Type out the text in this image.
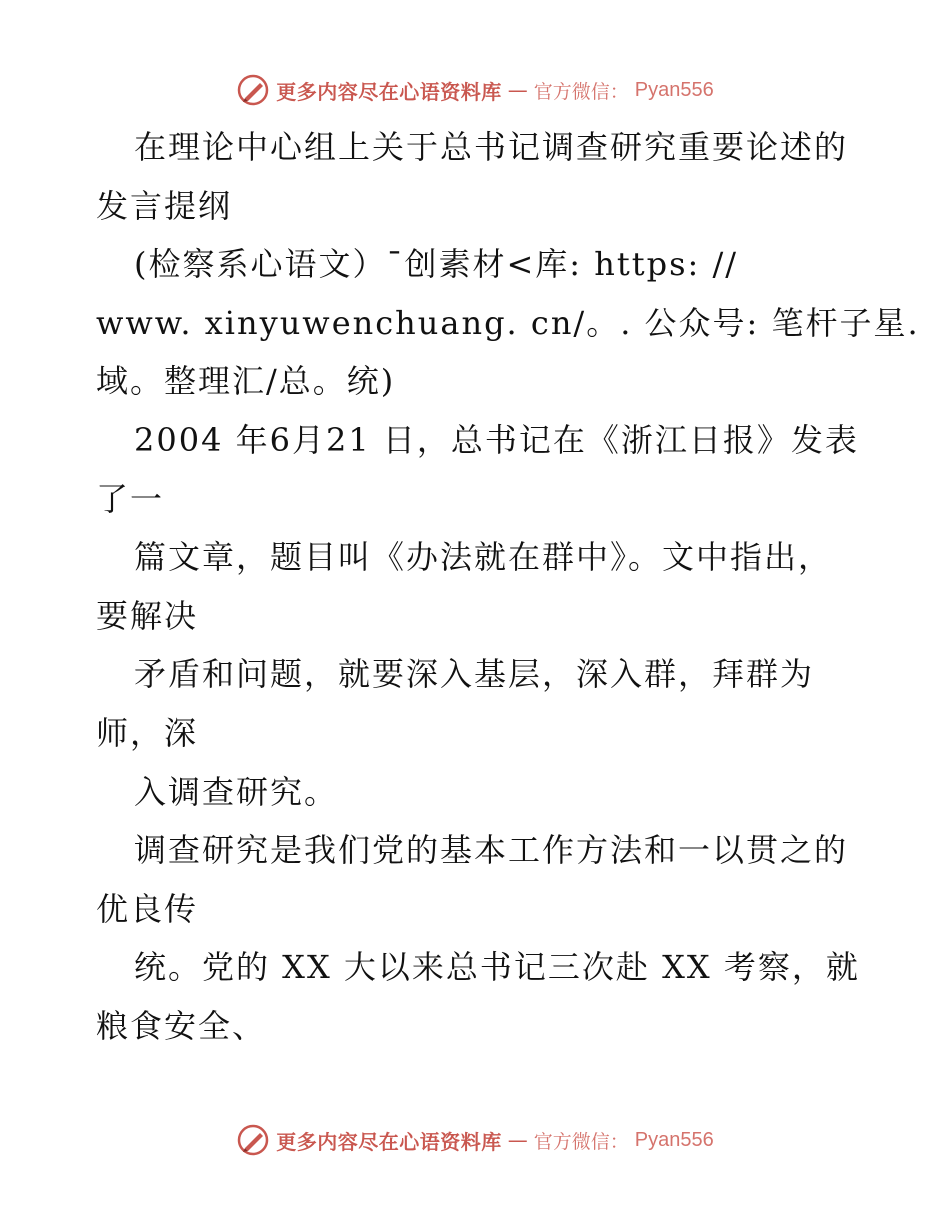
更多内容尽在心语资料库 — 官方微信： Pyan556
在理论中心组上关于总书记调查研究重要论述的
发言提纲
(检察系心语文）¯创素材<库: https: //
www. xinyuwenchuang. cn/。. 公众号: 笔杆子星.
域。整理汇/总。统)
2004 年6月21 日，总书记在《浙江日报》发表
了一
篇文章，题目叫《办法就在群中》。文中指出，
要解决
矛盾和问题，就要深入基层，深入群，拜群为
师，深
入调查研究。
调查研究是我们党的基本工作方法和一以贯之的
优良传
统。党的 XX 大以来总书记三次赴 XX 考察，就
粮食安全、
更多内容尽在心语资料库 — 官方微信： Pyan556
